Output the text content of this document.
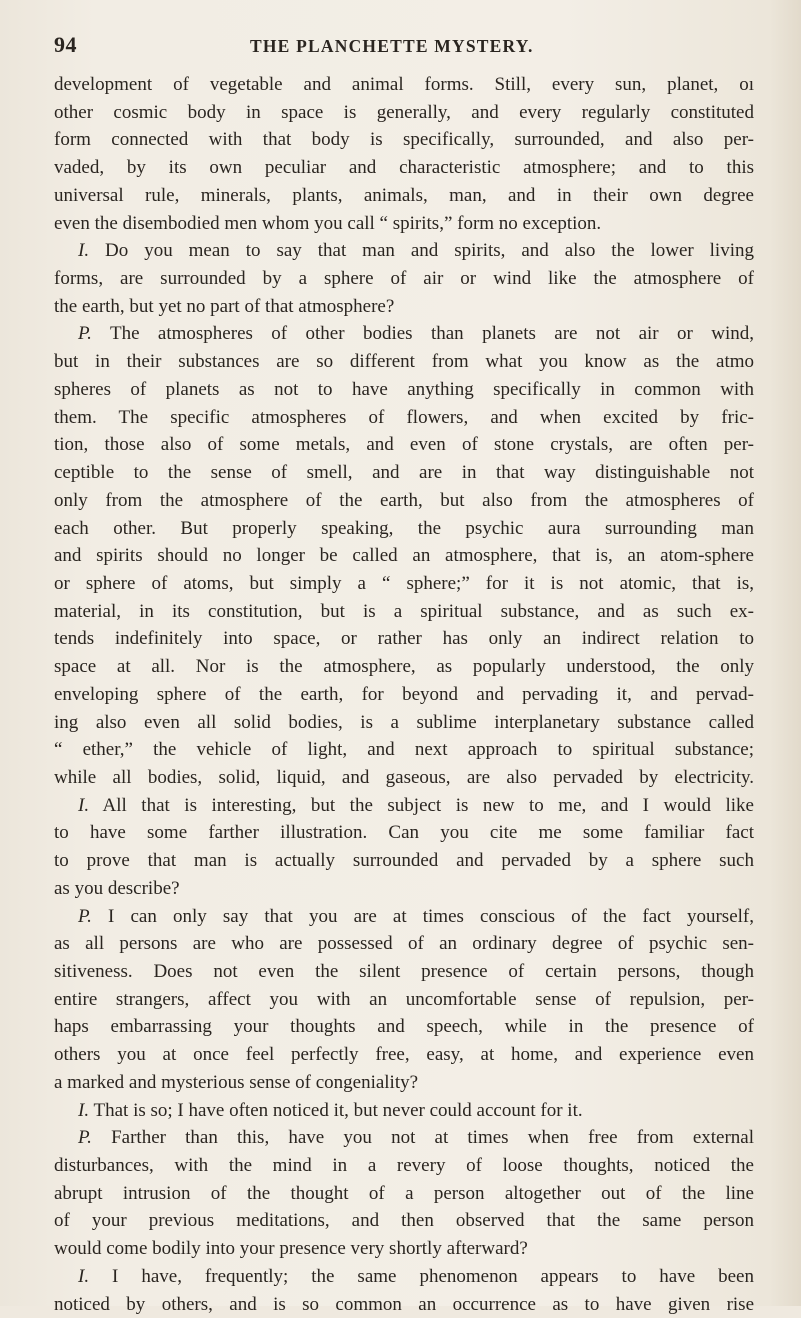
94	THE PLANCHETTE MYSTERY.
development of vegetable and animal forms. Still, every sun, planet, oı
other cosmic body in space is generally, and every regularly constituted
form connected with that body is specifically, surrounded, and also per-
vaded, by its own peculiar and characteristic atmosphere; and to this
universal rule, minerals, plants, animals, man, and in their own degree
even the disembodied men whom you call “ spirits,” form no exception.
I. Do you mean to say that man and spirits, and also the lower living
forms, are surrounded by a sphere of air or wind like the atmosphere of
the earth, but yet no part of that atmosphere?
P. The atmospheres of other bodies than planets are not air or wind,
but in their substances are so different from what you know as the atmo
spheres of planets as not to have anything specifically in common with
them. The specific atmospheres of flowers, and when excited by fric-
tion, those also of some metals, and even of stone crystals, are often per-
ceptible to the sense of smell, and are in that way distinguishable not
only from the atmosphere of the earth, but also from the atmospheres of
each other. But properly speaking, the psychic aura surrounding man
and spirits should no longer be called an atmosphere, that is, an atom-sphere
or sphere of atoms, but simply a “ sphere;” for it is not atomic, that is,
material, in its constitution, but is a spiritual substance, and as such ex-
tends indefinitely into space, or rather has only an indirect relation to
space at all. Nor is the atmosphere, as popularly understood, the only
enveloping sphere of the earth, for beyond and pervading it, and pervad-
ing also even all solid bodies, is a sublime interplanetary substance called
“ ether,” the vehicle of light, and next approach to spiritual substance;
while all bodies, solid, liquid, and gaseous, are also pervaded by electricity.
I. All that is interesting, but the subject is new to me, and I would like
to have some farther illustration. Can you cite me some familiar fact
to prove that man is actually surrounded and pervaded by a sphere such
as you describe?
P. I can only say that you are at times conscious of the fact yourself,
as all persons are who are possessed of an ordinary degree of psychic sen-
sitiveness. Does not even the silent presence of certain persons, though
entire strangers, affect you with an uncomfortable sense of repulsion, per-
haps embarrassing your thoughts and speech, while in the presence of
others you at once feel perfectly free, easy, at home, and experience even
a marked and mysterious sense of congeniality?
I. That is so; I have often noticed it, but never could account for it.
P. Farther than this, have you not at times when free from external
disturbances, with the mind in a revery of loose thoughts, noticed the
abrupt intrusion of the thought of a person altogether out of the line
of your previous meditations, and then observed that the same person
would come bodily into your presence very shortly afterward?
I. I have, frequently; the same phenomenon appears to have been
noticed by others, and is so common an occurrence as to have given rise
